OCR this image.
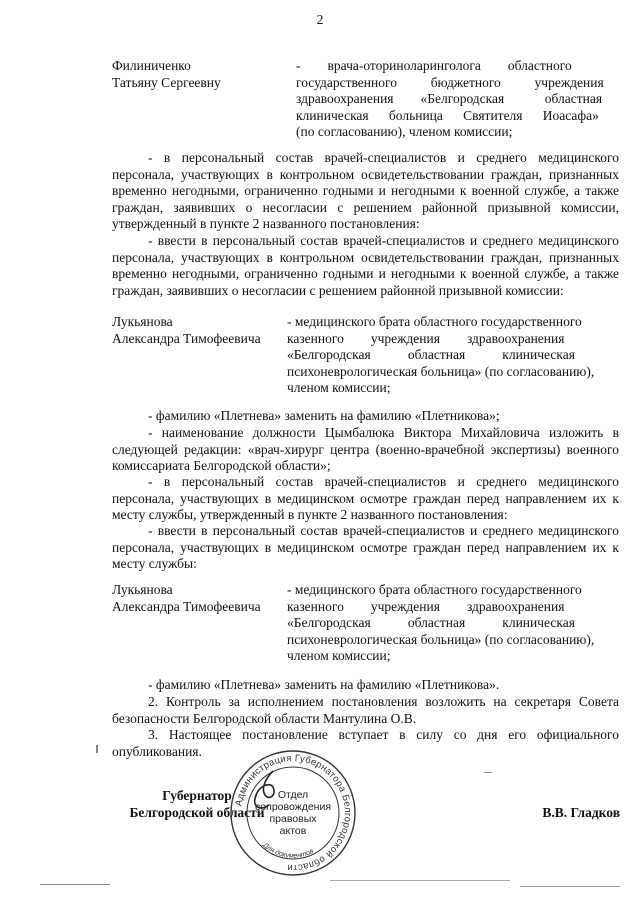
2
Филиниченко
Татьяну Сергеевну
-        врача-оториноларинголога        областного
государственного          бюджетного          учреждения
здравоохранения        «Белгородская            областная
клиническая      больница      Святителя      Иоасафа»
(по согласованию), членом комиссии;
- в персональный состав врачей-специалистов и среднего медицинского персонала, участвующих в контрольном освидетельствовании граждан, признанных временно негодными, ограниченно годными и негодными к военной службе, а также граждан, заявивших о несогласии с решением районной призывной комиссии, утвержденный в пункте 2 названного постановления:
- ввести в персональный состав врачей-специалистов и среднего медицинского персонала, участвующих в контрольном освидетельствовании граждан, признанных временно негодными, ограниченно годными и негодными к военной службе, а также граждан, заявивших о несогласии с решением районной призывной комиссии:
Лукьянова
Александра Тимофеевича
- медицинского брата областного государственного
казенного        учреждения        здравоохранения
«Белгородская           областная           клиническая
психоневрологическая больница» (по согласованию),
членом комиссии;
- фамилию «Плетнева» заменить на фамилию «Плетникова»;
- наименование должности Цымбалюка Виктора Михайловича изложить в следующей редакции: «врач-хирург центра (военно-врачебной экспертизы) военного комиссариата Белгородской области»;
- в персональный состав врачей-специалистов и среднего медицинского персонала, участвующих в медицинском осмотре граждан перед направлением их к месту службы, утвержденный в пункте 2 названного постановления:
- ввести в персональный состав врачей-специалистов и среднего медицинского персонала, участвующих в медицинском осмотре граждан перед направлением их к месту службы:
Лукьянова
Александра Тимофеевича
- медицинского брата областного государственного
казенного        учреждения        здравоохранения
«Белгородская           областная           клиническая
психоневрологическая больница» (по согласованию),
членом комиссии;
- фамилию «Плетнева» заменить на фамилию «Плетникова».
2. Контроль за исполнением постановления возложить на секретаря Совета безопасности Белгородской области Мантулина О.В.
3. Настоящее постановление вступает в силу со дня его официального опубликования.
Губернатор
Белгородской области	В.В. Гладков
Администрация Губернатора Белгородской области
Для документов
Отдел
сопровождения
правовых
актов
